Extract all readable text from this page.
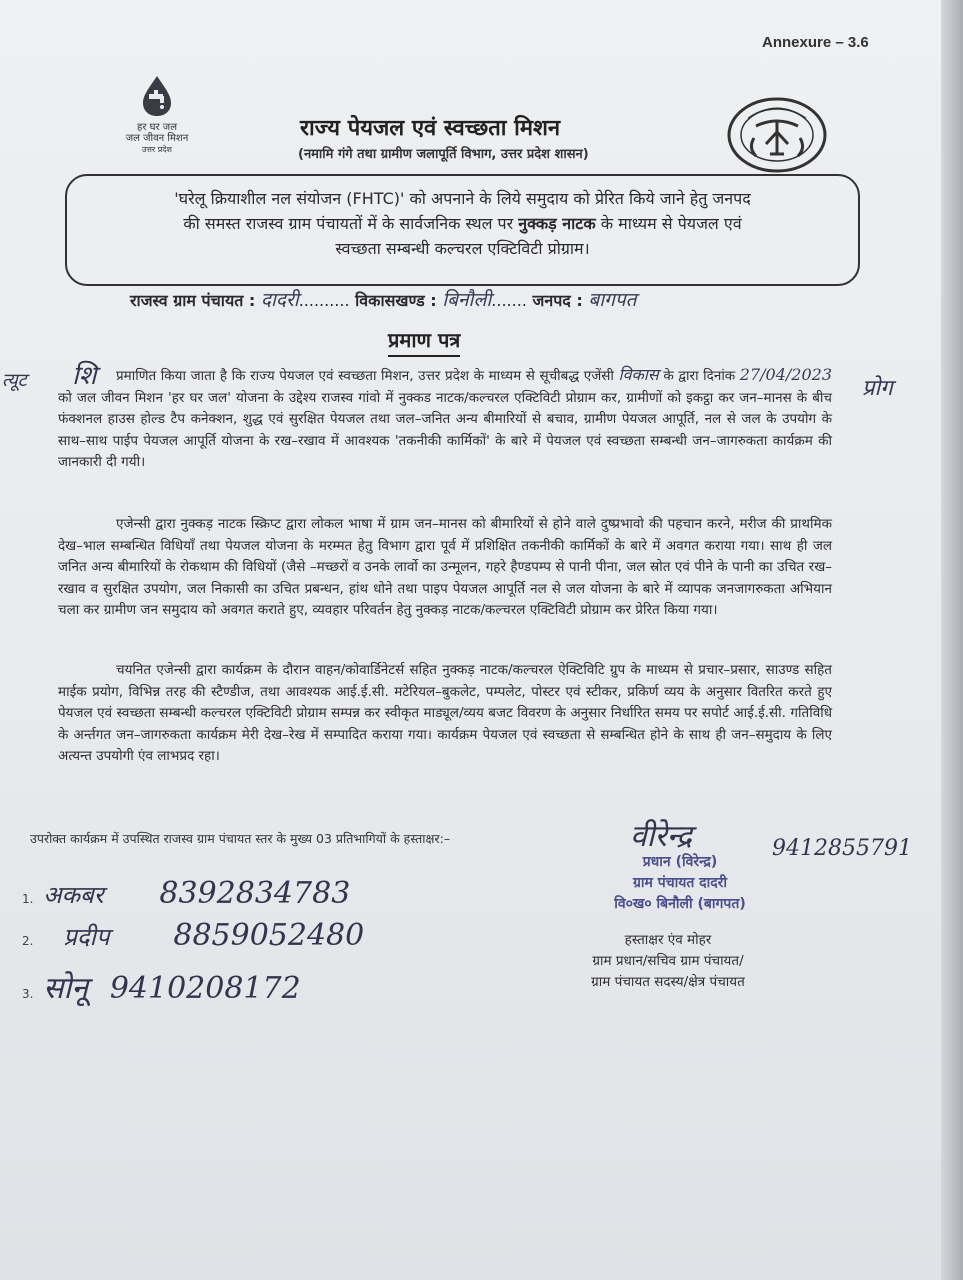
Annexure – 3.6
हर घर जल
जल जीवन मिशन
उत्तर प्रदेश
राज्य पेयजल एवं स्वच्छता मिशन
(नमामि गंगे तथा ग्रामीण जलापूर्ति विभाग, उत्तर प्रदेश शासन)
'घरेलू क्रियाशील नल संयोजन (FHTC)' को अपनाने के लिये समुदाय को प्रेरित किये जाने हेतु जनपद
की समस्त राजस्व ग्राम पंचायतों में के सार्वजनिक स्थल पर नुक्कड़ नाटक के माध्यम से पेयजल एवं
स्वच्छता सम्बन्धी कल्चरल एक्टिविटी प्रोग्राम।
राजस्व ग्राम पंचायत : दादरी.......... विकासखण्ड : बिनौली....... जनपद : बागपत
प्रमाण पत्र
त्यूट शि	प्रोग
प्रमाणित किया जाता है कि राज्य पेयजल एवं स्वच्छता मिशन, उत्तर प्रदेश के माध्यम से सूचीबद्ध एजेंसी विकास के द्वारा दिनांक 27/04/2023 को जल जीवन मिशन 'हर घर जल' योजना के उद्देश्य राजस्व गांवो में नुक्कड नाटक/कल्चरल एक्टिविटी प्रोग्राम कर, ग्रामीणों को इकट्ठा कर जन–मानस के बीच फंक्शनल हाउस होल्ड टैप कनेक्शन, शुद्ध एवं सुरक्षित पेयजल तथा जल–जनित अन्य बीमारियों से बचाव, ग्रामीण पेयजल आपूर्ति, नल से जल के उपयोग के साथ–साथ पाईप पेयजल आपूर्ति योजना के रख–रखाव में आवश्यक 'तकनीकी कार्मिकों' के बारे में पेयजल एवं स्वच्छता सम्बन्धी जन–जागरुकता कार्यक्रम की जानकारी दी गयी।
एजेन्सी द्वारा नुक्कड़ नाटक स्क्रिप्ट द्वारा लोकल भाषा में ग्राम जन–मानस को बीमारियों से होने वाले दुष्प्रभावो की पहचान करने, मरीज की प्राथमिक देख–भाल सम्बन्धित विधियाँ तथा पेयजल योजना के मरम्मत हेतु विभाग द्वारा पूर्व में प्रशिक्षित तकनीकी कार्मिकों के बारे में अवगत कराया गया। साथ ही जल जनित अन्य बीमारियों के रोकथाम की विधियों (जैसे –मच्छरों व उनके लार्वो का उन्मूलन, गहरे हैण्डपम्प से पानी पीना, जल स्रोत एवं पीने के पानी का उचित रख–रखाव व सुरक्षित उपयोग, जल निकासी का उचित प्रबन्धन, हांथ धोने तथा पाइप पेयजल आपूर्ति नल से जल योजना के बारे में व्यापक जनजागरुकता अभियान चला कर ग्रामीण जन समुदाय को अवगत कराते हुए, व्यवहार परिवर्तन हेतु नुक्कड़ नाटक/कल्चरल एक्टिविटी प्रोग्राम कर प्रेरित किया गया।
चयनित एजेन्सी द्वारा कार्यक्रम के दौरान वाहन/कोवार्डिनेटर्स सहित नुक्कड़ नाटक/कल्चरल ऐक्टिविटि ग्रुप के माध्यम से प्रचार–प्रसार, साउण्ड सहित माईक प्रयोग, विभिन्न तरह की स्टैण्डीज, तथा आवश्यक आई.ई.सी. मटेरियल–बुकलेट, पम्पलेट, पोस्टर एवं स्टीकर, प्रकिर्ण व्यय के अनुसार वितरित करते हुए पेयजल एवं स्वच्छता सम्बन्धी कल्चरल एक्टिविटी प्रोग्राम सम्पन्न कर स्वीकृत माड्यूल/व्यय बजट विवरण के अनुसार निर्धारित समय पर सपोर्ट आई.ई.सी. गतिविधि के अर्न्तगत जन–जागरुकता कार्यक्रम मेरी देख–रेख में सम्पादित कराया गया। कार्यक्रम पेयजल एवं स्वच्छता से सम्बन्धित होने के साथ ही जन–समुदाय के लिए अत्यन्त उपयोगी एंव लाभप्रद रहा।
उपरोक्त कार्यक्रम में उपस्थित राजस्व ग्राम पंचायत स्तर के मुख्य 03 प्रतिभागियों के हस्ताक्षर:–
1. अकबर 8392834783
2. प्रदीप 8859052480
3. सोनू 9410208172
वीरेन्द्र	9412855791
प्रधान (विरेन्द्र)
ग्राम पंचायत दादरी
वि०ख० बिनौली (बागपत)
हस्ताक्षर एंव मोहर
ग्राम प्रधान/सचिव ग्राम पंचायत/
ग्राम पंचायत सदस्य/क्षेत्र पंचायत
